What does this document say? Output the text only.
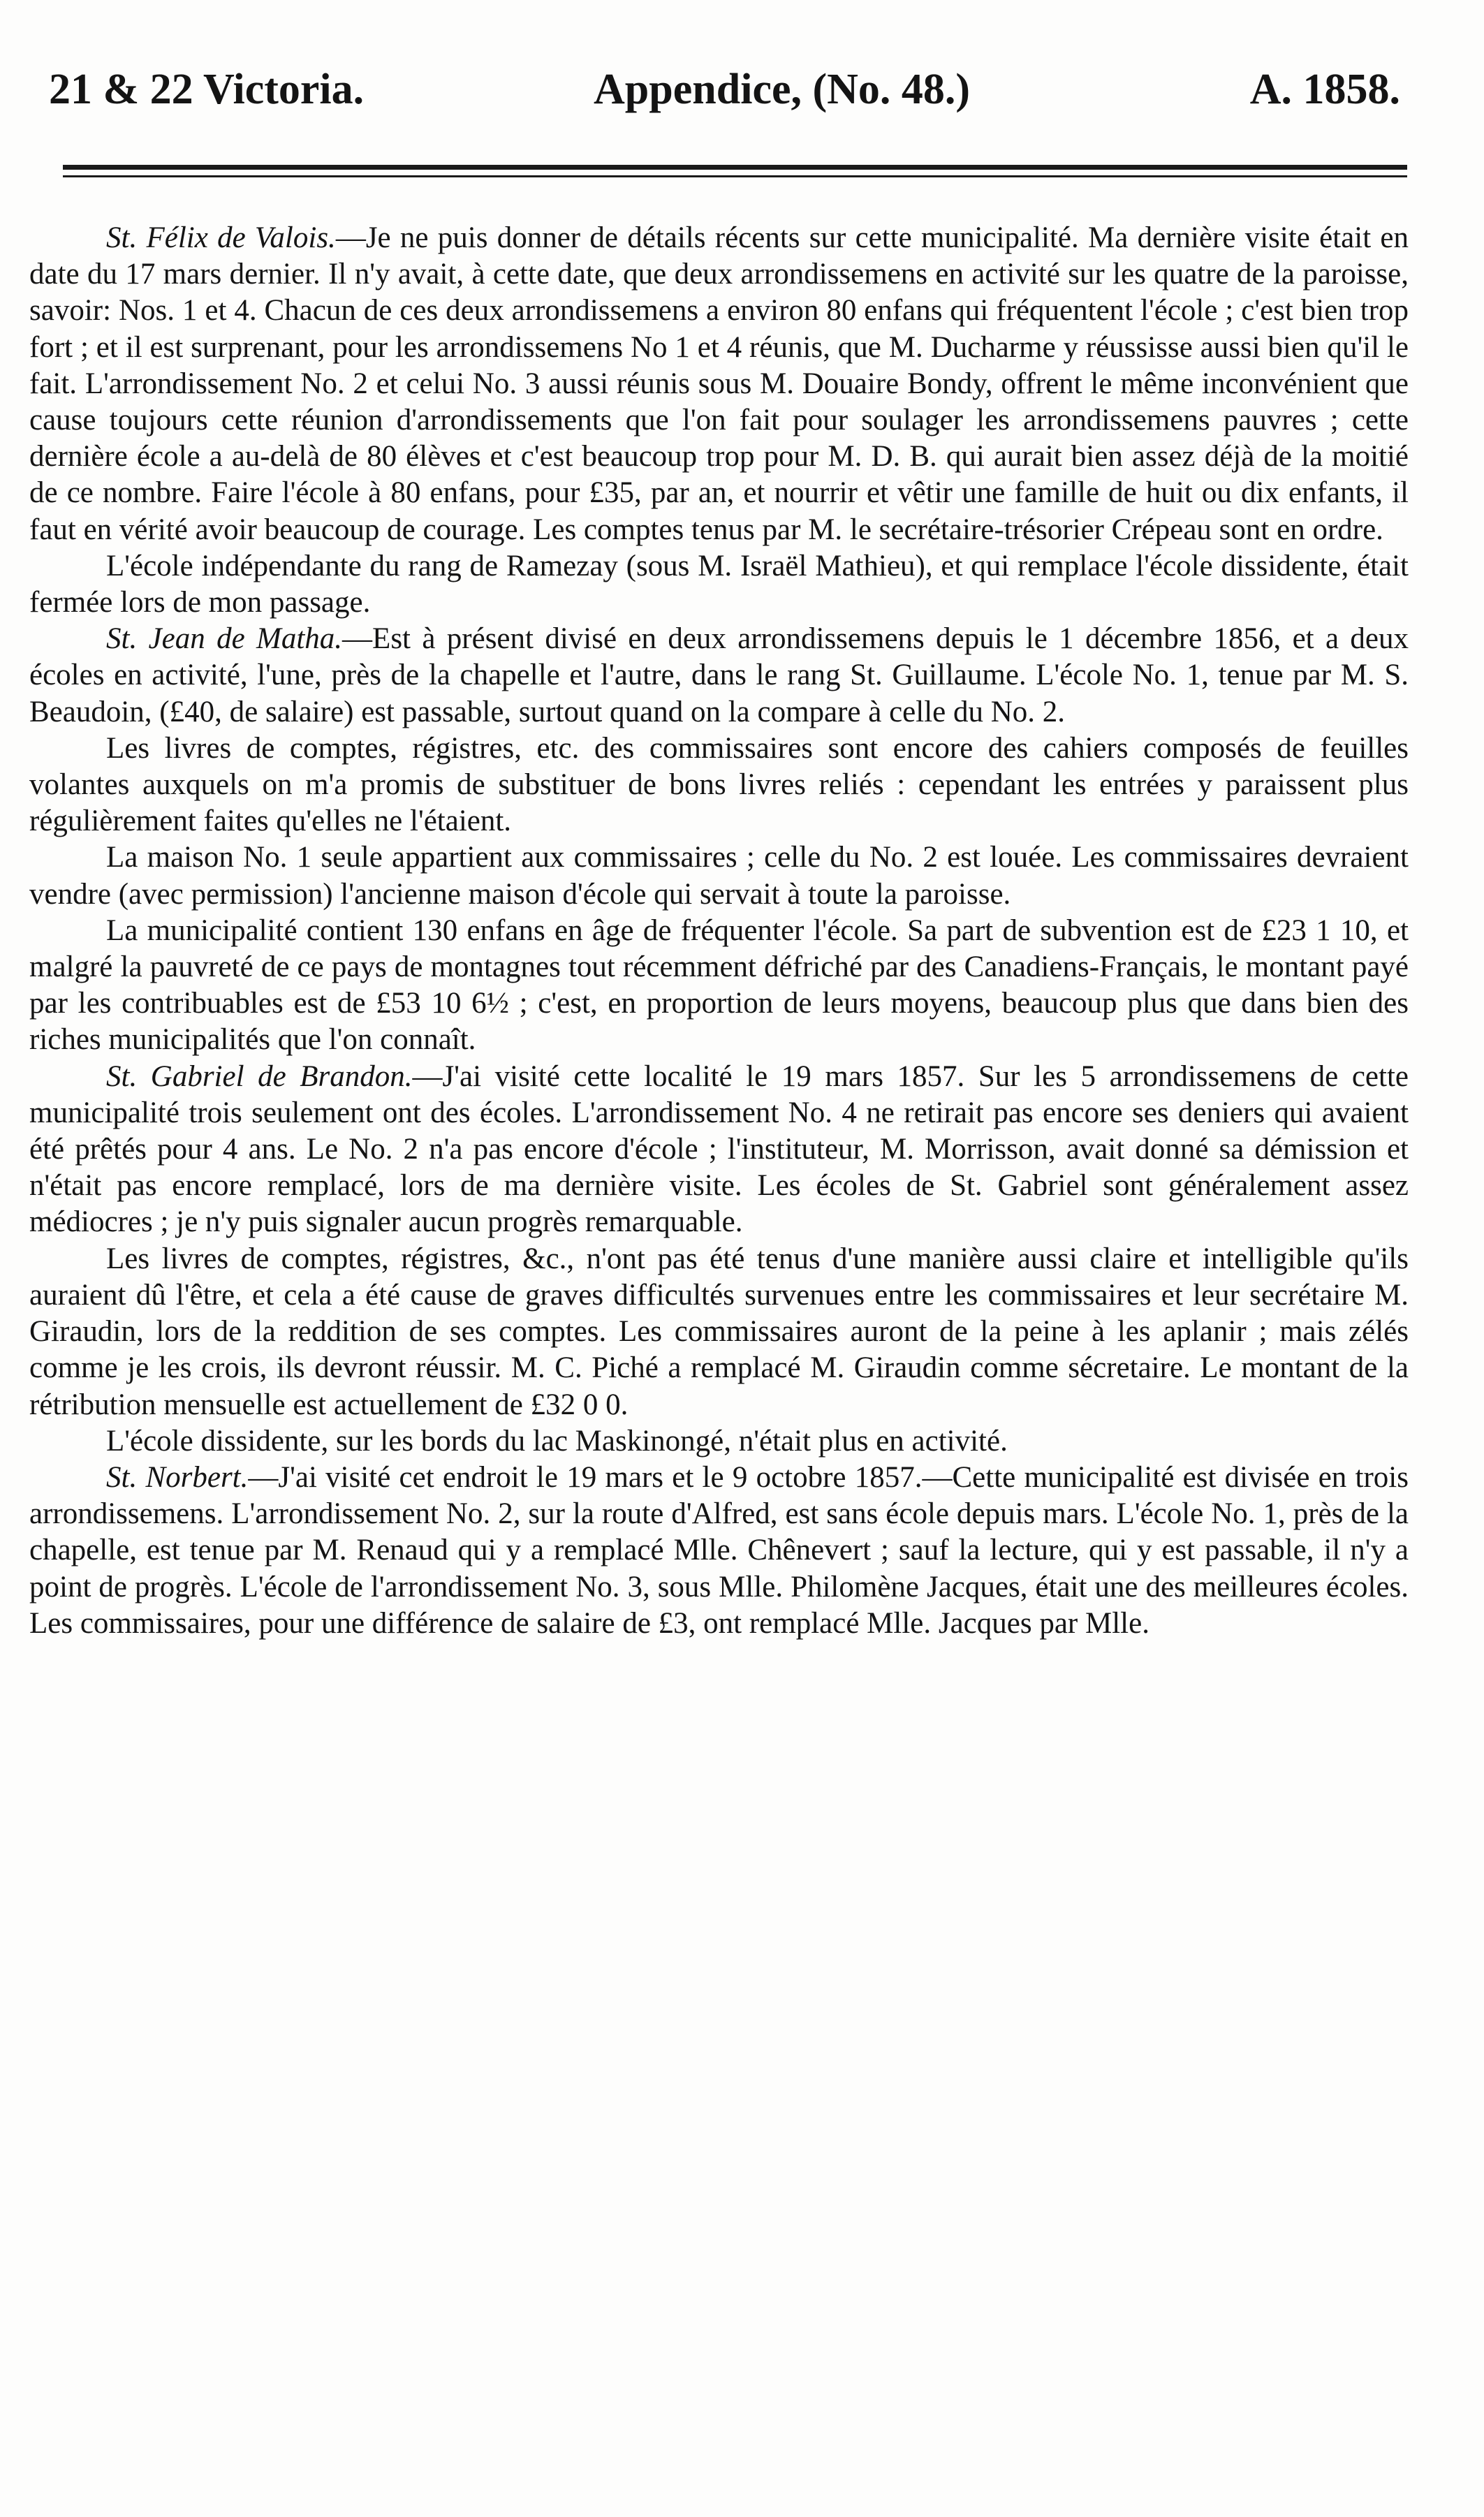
21 & 22 Victoria.	Appendice, (No. 48.)	A. 1858.

St. Félix de Valois.—Je ne puis donner de détails récents sur cette municipalité. Ma dernière visite était en date du 17 mars dernier. Il n'y avait, à cette date, que deux arrondissemens en activité sur les quatre de la paroisse, savoir: Nos. 1 et 4. Chacun de ces deux arrondissemens a environ 80 enfans qui fréquentent l'école ; c'est bien trop fort ; et il est surprenant, pour les arrondissemens No 1 et 4 réunis, que M. Ducharme y réussisse aussi bien qu'il le fait. L'arrondissement No. 2 et celui No. 3 aussi réunis sous M. Douaire Bondy, offrent le même inconvénient que cause toujours cette réunion d'arrondissements que l'on fait pour soulager les arrondissemens pauvres ; cette dernière école a au-delà de 80 élèves et c'est beaucoup trop pour M. D. B. qui aurait bien assez déjà de la moitié de ce nombre. Faire l'école à 80 enfans, pour £35, par an, et nourrir et vêtir une famille de huit ou dix enfants, il faut en vérité avoir beaucoup de courage. Les comptes tenus par M. le secrétaire-trésorier Crépeau sont en ordre.

L'école indépendante du rang de Ramezay (sous M. Israël Mathieu), et qui remplace l'école dissidente, était fermée lors de mon passage.

St. Jean de Matha.—Est à présent divisé en deux arrondissemens depuis le 1 décembre 1856, et a deux écoles en activité, l'une, près de la chapelle et l'autre, dans le rang St. Guillaume. L'école No. 1, tenue par M. S. Beaudoin, (£40, de salaire) est passable, surtout quand on la compare à celle du No. 2.

Les livres de comptes, régistres, etc. des commissaires sont encore des cahiers composés de feuilles volantes auxquels on m'a promis de substituer de bons livres reliés : cependant les entrées y paraissent plus régulièrement faites qu'elles ne l'étaient.

La maison No. 1 seule appartient aux commissaires ; celle du No. 2 est louée. Les commissaires devraient vendre (avec permission) l'ancienne maison d'école qui servait à toute la paroisse.

La municipalité contient 130 enfans en âge de fréquenter l'école. Sa part de subvention est de £23 1 10, et malgré la pauvreté de ce pays de montagnes tout récemment défriché par des Canadiens-Français, le montant payé par les contribuables est de £53 10 6½ ; c'est, en proportion de leurs moyens, beaucoup plus que dans bien des riches municipalités que l'on connaît.

St. Gabriel de Brandon.—J'ai visité cette localité le 19 mars 1857. Sur les 5 arrondissemens de cette municipalité trois seulement ont des écoles. L'arrondissement No. 4 ne retirait pas encore ses deniers qui avaient été prêtés pour 4 ans. Le No. 2 n'a pas encore d'école ; l'instituteur, M. Morrisson, avait donné sa démission et n'était pas encore remplacé, lors de ma dernière visite. Les écoles de St. Gabriel sont généralement assez médiocres ; je n'y puis signaler aucun progrès remarquable.

Les livres de comptes, régistres, &c., n'ont pas été tenus d'une manière aussi claire et intelligible qu'ils auraient dû l'être, et cela a été cause de graves difficultés survenues entre les commissaires et leur secrétaire M. Giraudin, lors de la reddition de ses comptes. Les commissaires auront de la peine à les aplanir ; mais zélés comme je les crois, ils devront réussir. M. C. Piché a remplacé M. Giraudin comme sécretaire. Le montant de la rétribution mensuelle est actuellement de £32 0 0.

L'école dissidente, sur les bords du lac Maskinongé, n'était plus en activité.

St. Norbert.—J'ai visité cet endroit le 19 mars et le 9 octobre 1857.—Cette municipalité est divisée en trois arrondissemens. L'arrondissement No. 2, sur la route d'Alfred, est sans école depuis mars. L'école No. 1, près de la chapelle, est tenue par M. Renaud qui y a remplacé Mlle. Chênevert ; sauf la lecture, qui y est passable, il n'y a point de progrès. L'école de l'arrondissement No. 3, sous Mlle. Philomène Jacques, était une des meilleures écoles. Les commissaires, pour une différence de salaire de £3, ont remplacé Mlle. Jacques par Mlle.
